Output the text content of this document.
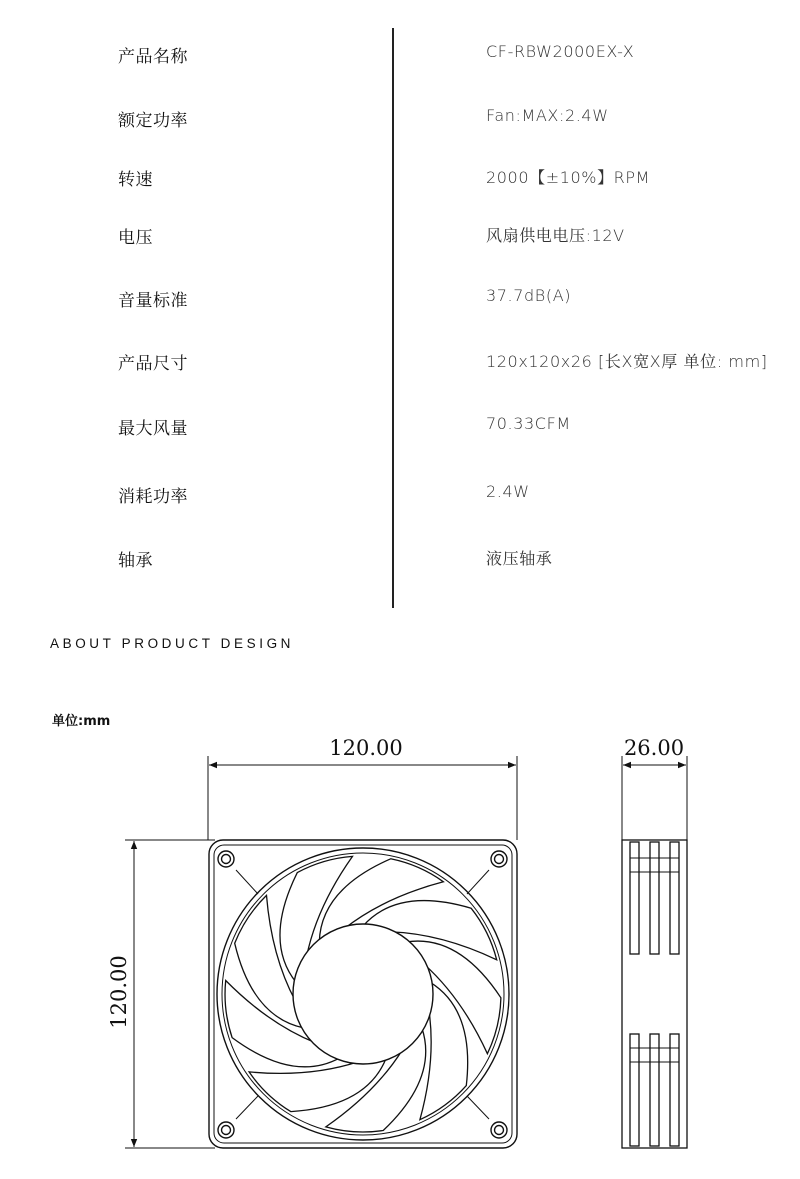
产品名称	CF-RBW2000EX-X
额定功率	Fan:MAX:2.4W
转速	2000【±10%】RPM
电压	风扇供电电压:12V
音量标准	37.7dB(A)
产品尺寸	120x120x26 [长X宽X厚 单位: mm]
最大风量	70.33CFM
消耗功率	2.4W
轴承	液压轴承
ABOUT PRODUCT DESIGN
单位:mm
120.00
120.00
26.00
